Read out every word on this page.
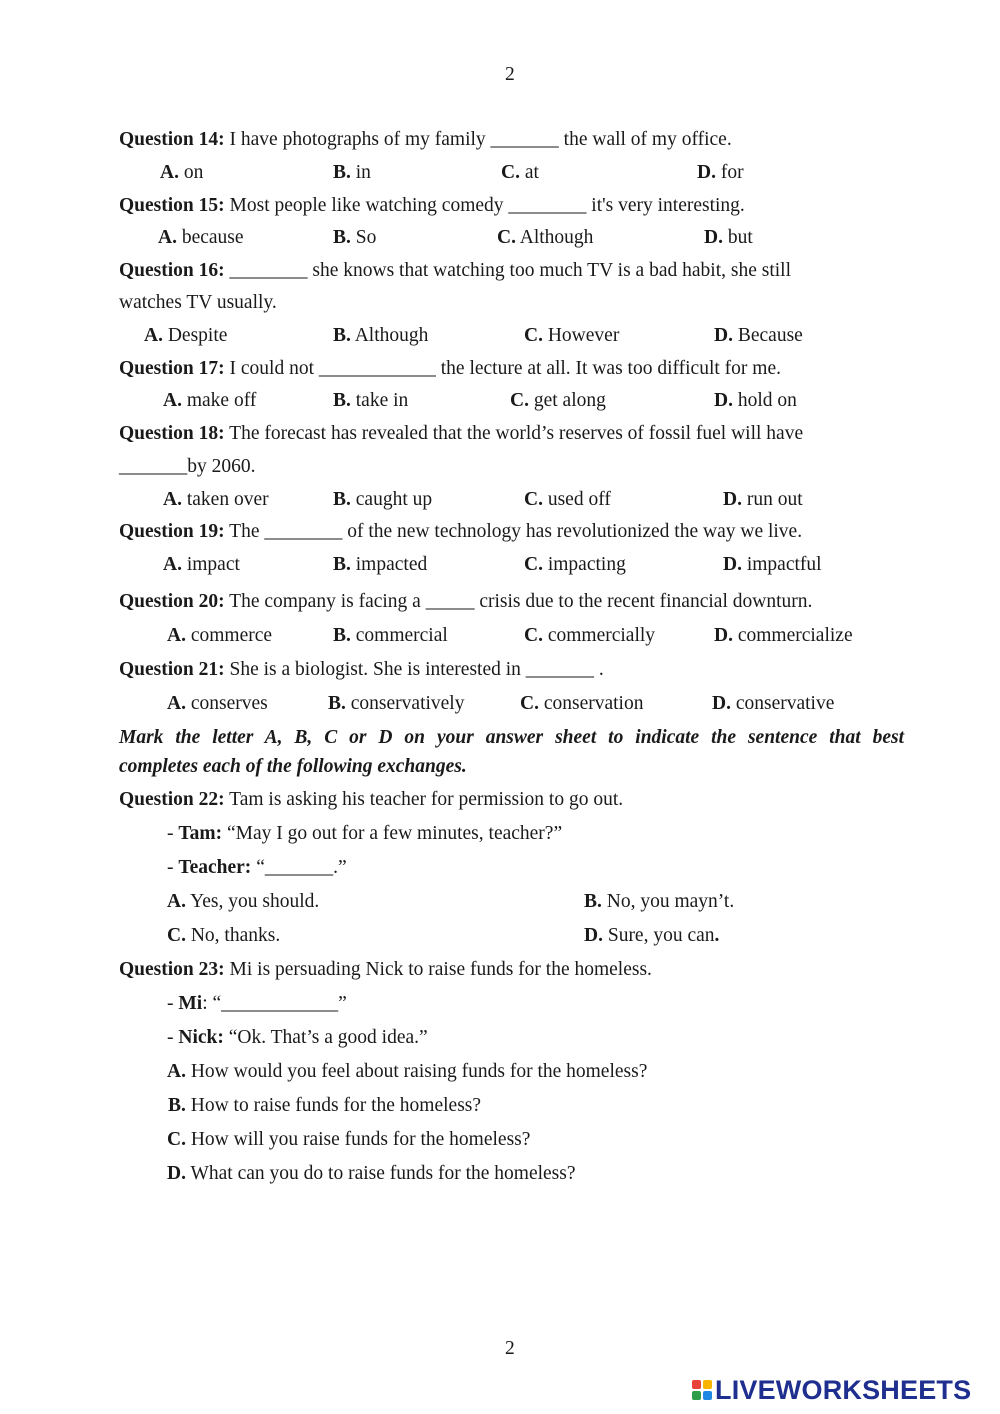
2
Question 14: I have photographs of my family _______ the wall of my office.
A. on	B. in	C. at	D. for
Question 15: Most people like watching comedy ________ it's very interesting.
A. because	B. So	C. Although	D. but
Question 16: ________ she knows that watching too much TV is a bad habit, she still
watches TV usually.
A. Despite	B. Although	C. However	D. Because
Question 17: I could not ____________ the lecture at all. It was too difficult for me.
A. make off	B. take in	C. get along	D. hold on
Question 18: The forecast has revealed that the world’s reserves of fossil fuel will have
_______by 2060.
A. taken over	B. caught up	C. used off	D. run out
Question 19: The ________ of the new technology has revolutionized the way we live.
A. impact	B. impacted	C. impacting	D. impactful
Question 20: The company is facing a _____ crisis due to the recent financial downturn.
A. commerce	B. commercial	C. commercially	D. commercialize
Question 21: She is a biologist. She is interested in _______ .
A. conserves	B. conservatively	C. conservation	D. conservative
Mark the letter A, B, C or D on your answer sheet to indicate the sentence that best
completes each of the following exchanges.
Question 22: Tam is asking his teacher for permission to go out.
- Tam: “May I go out for a few minutes, teacher?”
- Teacher: “_______.”
A. Yes, you should.	B. No, you mayn’t.
C. No, thanks.	D. Sure, you can.
Question 23: Mi is persuading Nick to raise funds for the homeless.
- Mi: “____________”
- Nick: “Ok. That’s a good idea.”
A. How would you feel about raising funds for the homeless?
B. How to raise funds for the homeless?
C. How will you raise funds for the homeless?
D. What can you do to raise funds for the homeless?
2
LIVEWORKSHEETS
